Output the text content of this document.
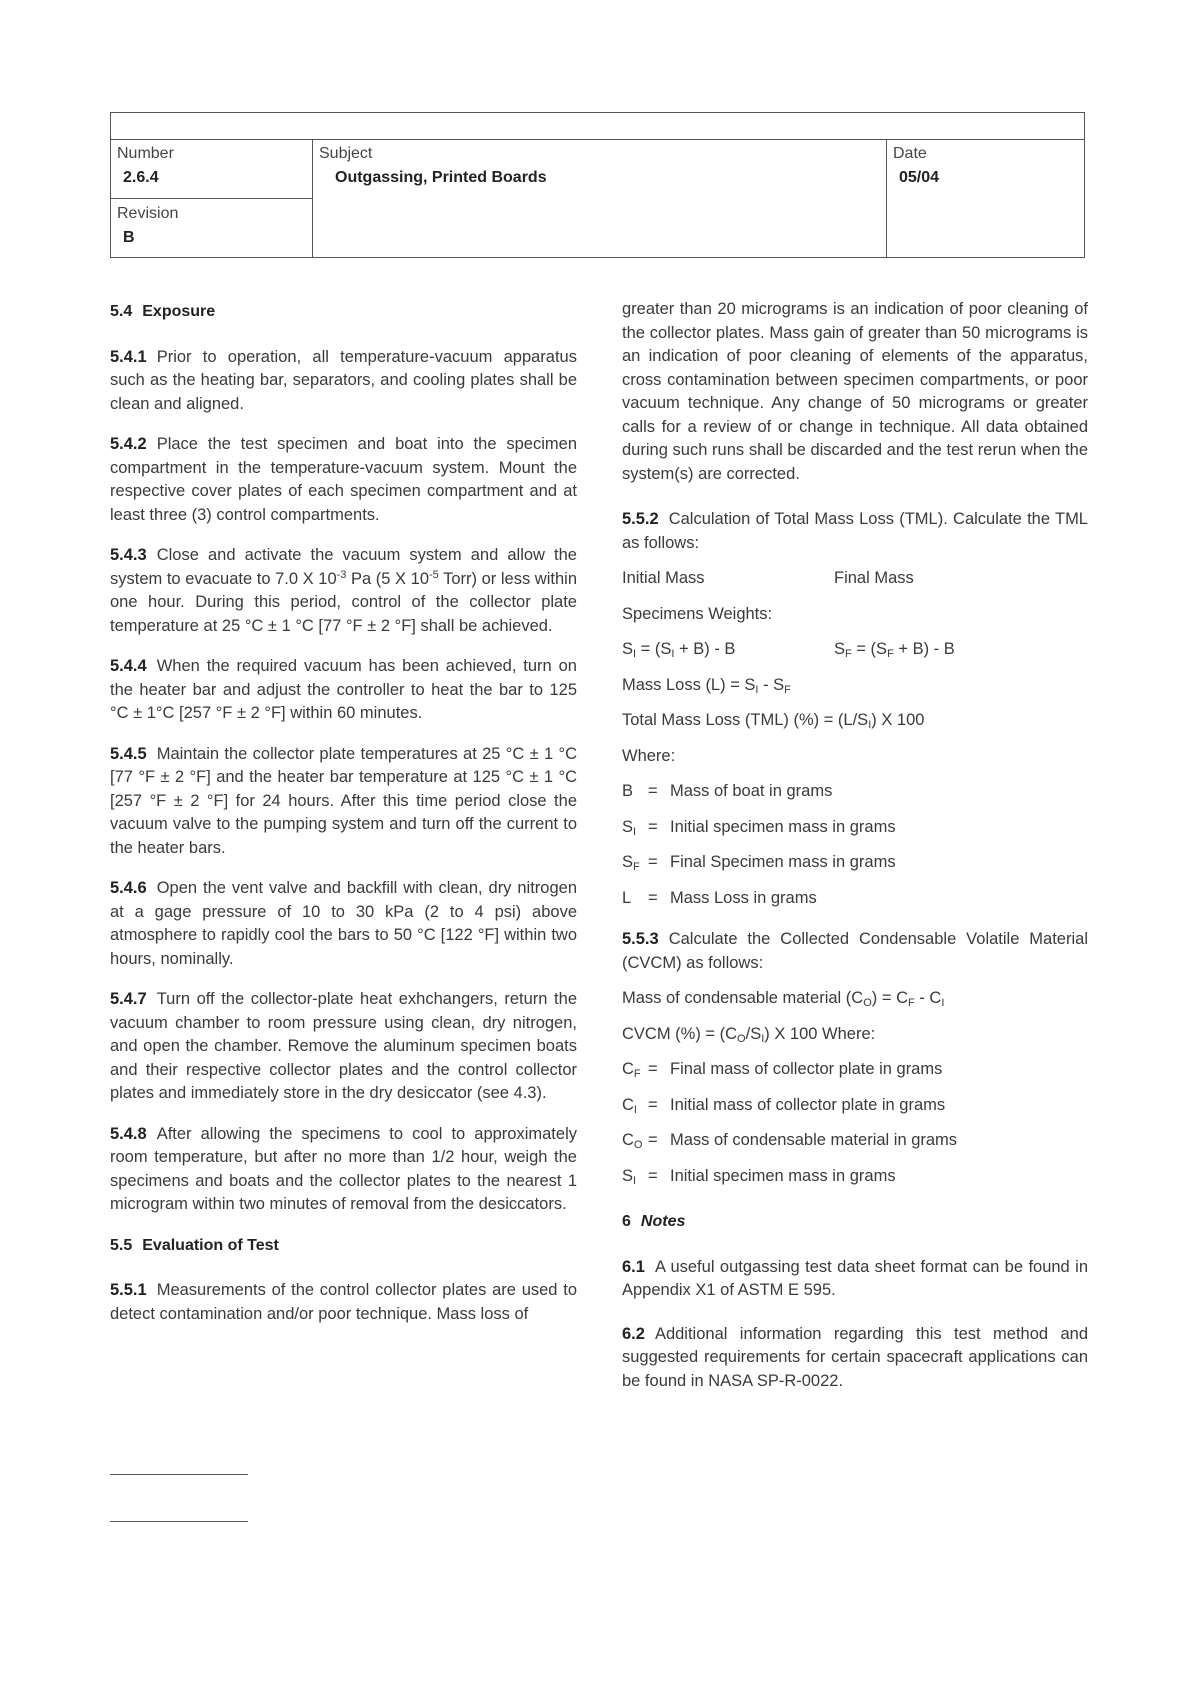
Number
2.6.4
Revision
B
Subject
Outgassing, Printed Boards
Date
05/04
5.4 Exposure

5.4.1 Prior to operation, all temperature-vacuum apparatus such as the heating bar, separators, and cooling plates shall be clean and aligned.

5.4.2 Place the test specimen and boat into the specimen compartment in the temperature-vacuum system. Mount the respective cover plates of each specimen compartment and at least three (3) control compartments.

5.4.3 Close and activate the vacuum system and allow the system to evacuate to 7.0 X $10^{-3}$ Pa (5 X $10^{-5}$ Torr) or less within one hour. During this period, control of the collector plate temperature at 25 °C ± 1 °C [77 °F ± 2 °F] shall be achieved.

5.4.4 When the required vacuum has been achieved, turn on the heater bar and adjust the controller to heat the bar to 125 °C ± 1°C [257 °F ± 2 °F] within 60 minutes.

5.4.5 Maintain the collector plate temperatures at 25 °C ± 1 °C [77 °F ± 2 °F] and the heater bar temperature at 125 °C ± 1 °C [257 °F ± 2 °F] for 24 hours. After this time period close the vacuum valve to the pumping system and turn off the current to the heater bars.

5.4.6 Open the vent valve and backfill with clean, dry nitrogen at a gage pressure of 10 to 30 kPa (2 to 4 psi) above atmosphere to rapidly cool the bars to 50 °C [122 °F] within two hours, nominally.

5.4.7 Turn off the collector-plate heat exhchangers, return the vacuum chamber to room pressure using clean, dry nitrogen, and open the chamber. Remove the aluminum specimen boats and their respective collector plates and the control collector plates and immediately store in the dry desiccator (see 4.3).

5.4.8 After allowing the specimens to cool to approximately room temperature, but after no more than 1/2 hour, weigh the specimens and boats and the collector plates to the nearest 1 microgram within two minutes of removal from the desiccators.

5.5 Evaluation of Test

5.5.1 Measurements of the control collector plates are used to detect contamination and/or poor technique. Mass loss of

greater than 20 micrograms is an indication of poor cleaning of the collector plates. Mass gain of greater than 50 micrograms is an indication of poor cleaning of elements of the apparatus, cross contamination between specimen compartments, or poor vacuum technique. Any change of 50 micrograms or greater calls for a review of or change in technique. All data obtained during such runs shall be discarded and the test rerun when the system(s) are corrected.

5.5.2 Calculation of Total Mass Loss (TML). Calculate the TML as follows:

Initial Mass	Final Mass
Specimens Weights:
$S_I = (S_I + B) - B$	$S_F = (S_F + B) - B$
Mass Loss $(L) = S_I - S_F$
Total Mass Loss (TML) (%) = $(L/S_I)$ X 100
Where:
B = Mass of boat in grams
$S_I$ = Initial specimen mass in grams
$S_F$ = Final Specimen mass in grams
L = Mass Loss in grams

5.5.3 Calculate the Collected Condensable Volatile Material (CVCM) as follows:

Mass of condensable material $(C_O) = C_F - C_I$
CVCM (%) = $(C_O/S_I)$ X 100 Where:
$C_F$ = Final mass of collector plate in grams
$C_I$ = Initial mass of collector plate in grams
$C_O$ = Mass of condensable material in grams
$S_I$ = Initial specimen mass in grams
6 Notes

6.1 A useful outgassing test data sheet format can be found in Appendix X1 of ASTM E 595.

6.2 Additional information regarding this test method and suggested requirements for certain spacecraft applications can be found in NASA SP-R-0022.
